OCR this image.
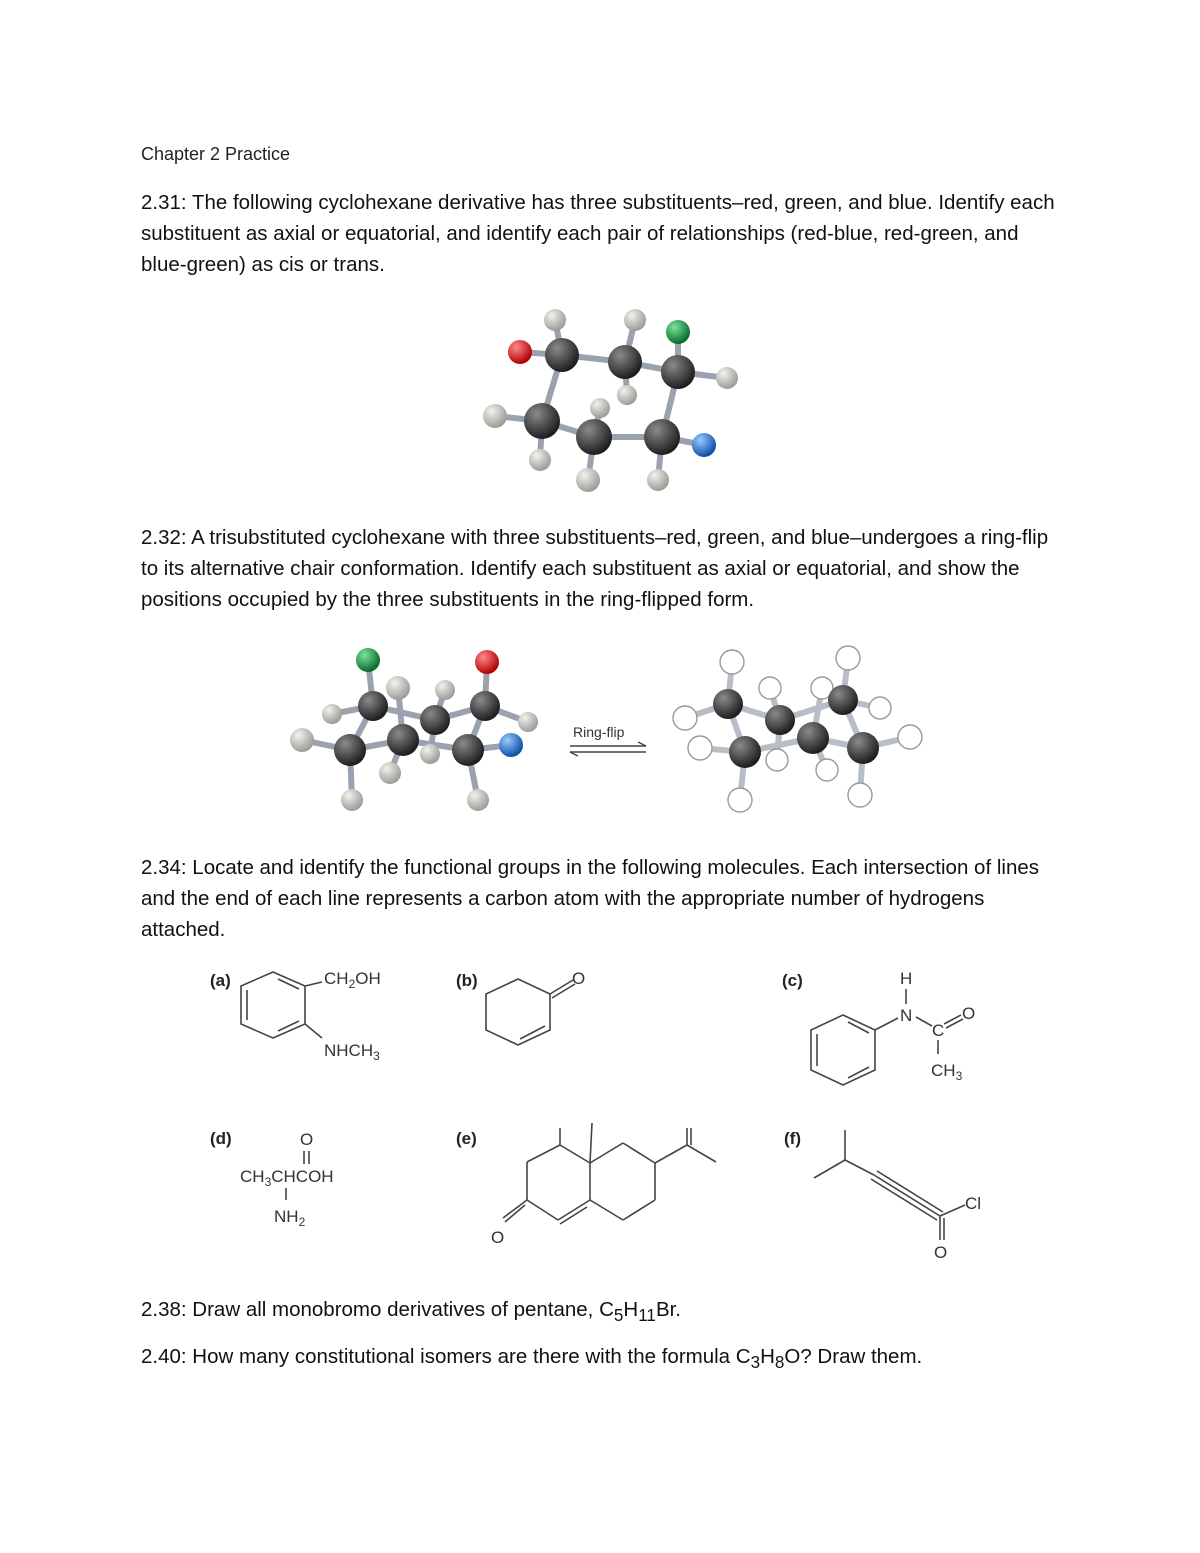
Chapter 2 Practice
2.31: The following cyclohexane derivative has three substituents–red, green, and blue. Identify each substituent as axial or equatorial, and identify each pair of relationships (red-blue, red-green, and blue-green) as cis or trans.
2.32: A trisubstituted cyclohexane with three substituents–red, green, and blue–undergoes a ring-flip to its alternative chair conformation. Identify each substituent as axial or equatorial, and show the positions occupied by the three substituents in the ring-flipped form.
Ring-flip
2.34: Locate and identify the functional groups in the following molecules. Each intersection of lines and the end of each line represents a carbon atom with the appropriate number of hydrogens attached.
(a)	$CH_2OH$
$NHCH_3$
(b)	O	(c)	H
N
C
O
$CH_3$
(d)	O
$CH_3CHCOH$
$NH_2$
(e)
O
(f)
Cl
O
2.38: Draw all monobromo derivatives of pentane, $C_5H_{11}Br$.
2.40: How many constitutional isomers are there with the formula $C_3H_8O$? Draw them.
